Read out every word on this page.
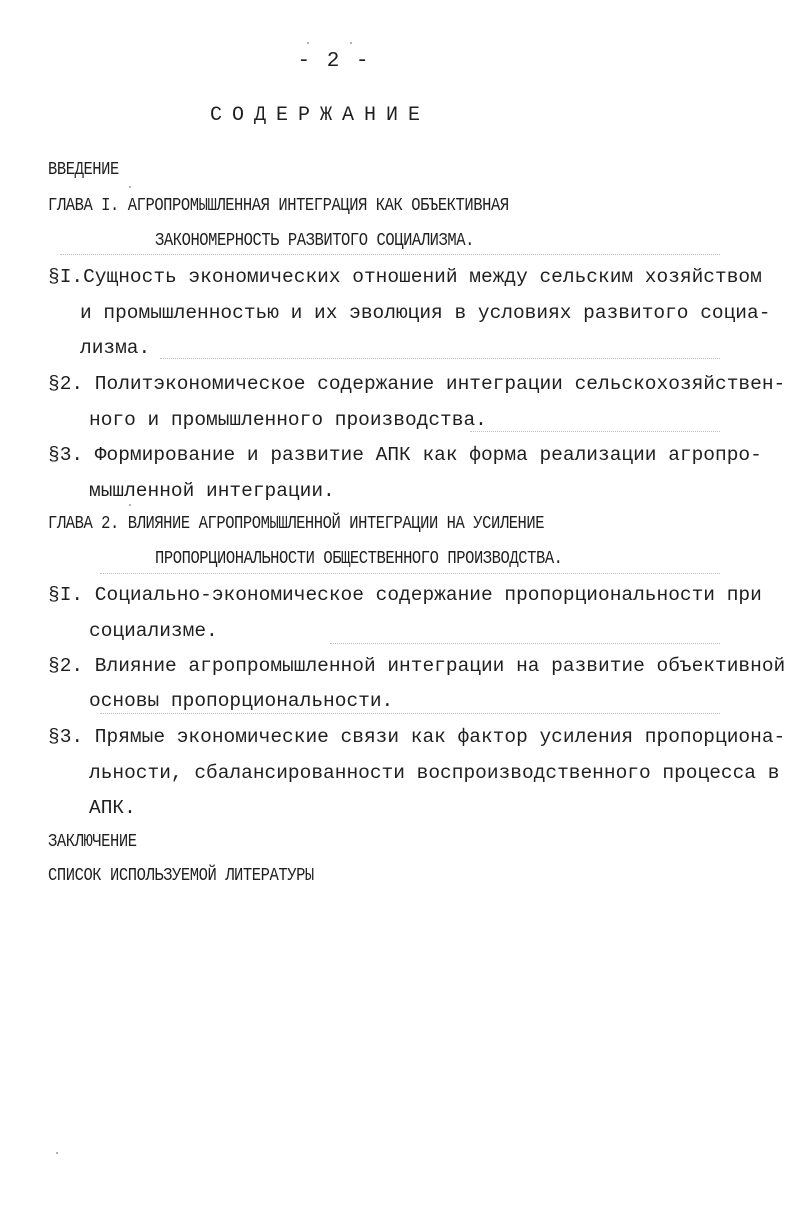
- 2 -
СОДЕРЖАНИЕ
ВВЕДЕНИЕ
ГЛАВА I. АГРОПРОМЫШЛЕННАЯ ИНТЕГРАЦИЯ КАК ОБЪЕКТИВНАЯ
ЗАКОНОМЕРНОСТЬ РАЗВИТОГО СОЦИАЛИЗМА.
§I.Сущность экономических отношений между сельским хозяйством
и промышленностью и их эволюция в условиях развитого социа-
лизма.
§2. Политэкономическое содержание интеграции сельскохозяйствен-
ного и промышленного производства.
§3. Формирование и развитие АПК как форма реализации агропро-
мышленной интеграции.
ГЛАВА 2. ВЛИЯНИЕ АГРОПРОМЫШЛЕННОЙ ИНТЕГРАЦИИ НА УСИЛЕНИЕ
ПРОПОРЦИОНАЛЬНОСТИ ОБЩЕСТВЕННОГО ПРОИЗВОДСТВА.
§I. Социально-экономическое содержание пропорциональности при
социализме.
§2. Влияние агропромышленной интеграции на развитие объективной
основы пропорциональности.
§3. Прямые экономические связи как фактор усиления пропорциона-
льности, сбалансированности воспроизводственного процесса в
АПК.
ЗАКЛЮЧЕНИЕ
СПИСОК ИСПОЛЬЗУЕМОЙ ЛИТЕРАТУРЫ
